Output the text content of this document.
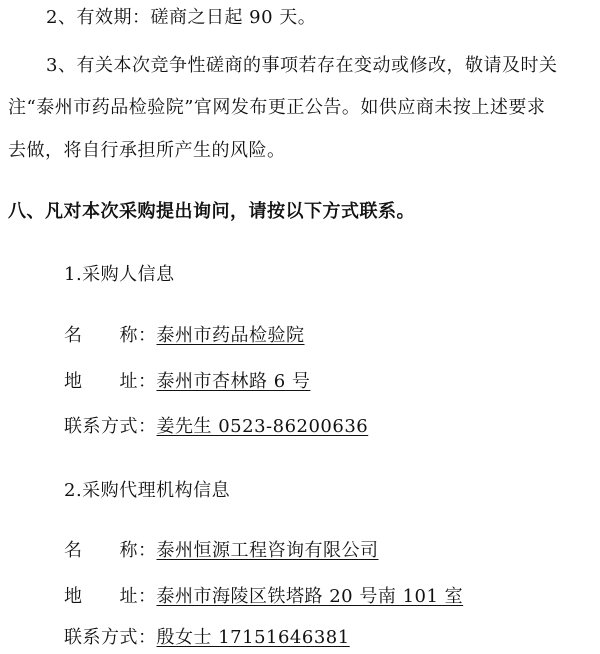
2、有效期：磋商之日起 90 天。
3、有关本次竞争性磋商的事项若存在变动或修改，敬请及时关
注“泰州市药品检验院”官网发布更正公告。如供应商未按上述要求
去做，将自行承担所产生的风险。
八、凡对本次采购提出询问，请按以下方式联系。
1.采购人信息
名　　称：泰州市药品检验院
地　　址：泰州市杏林路 6 号
联系方式：姜先生 0523-86200636
2.采购代理机构信息
名　　称：泰州恒源工程咨询有限公司
地　　址：泰州市海陵区铁塔路 20 号南 101 室
联系方式：殷女士 17151646381
